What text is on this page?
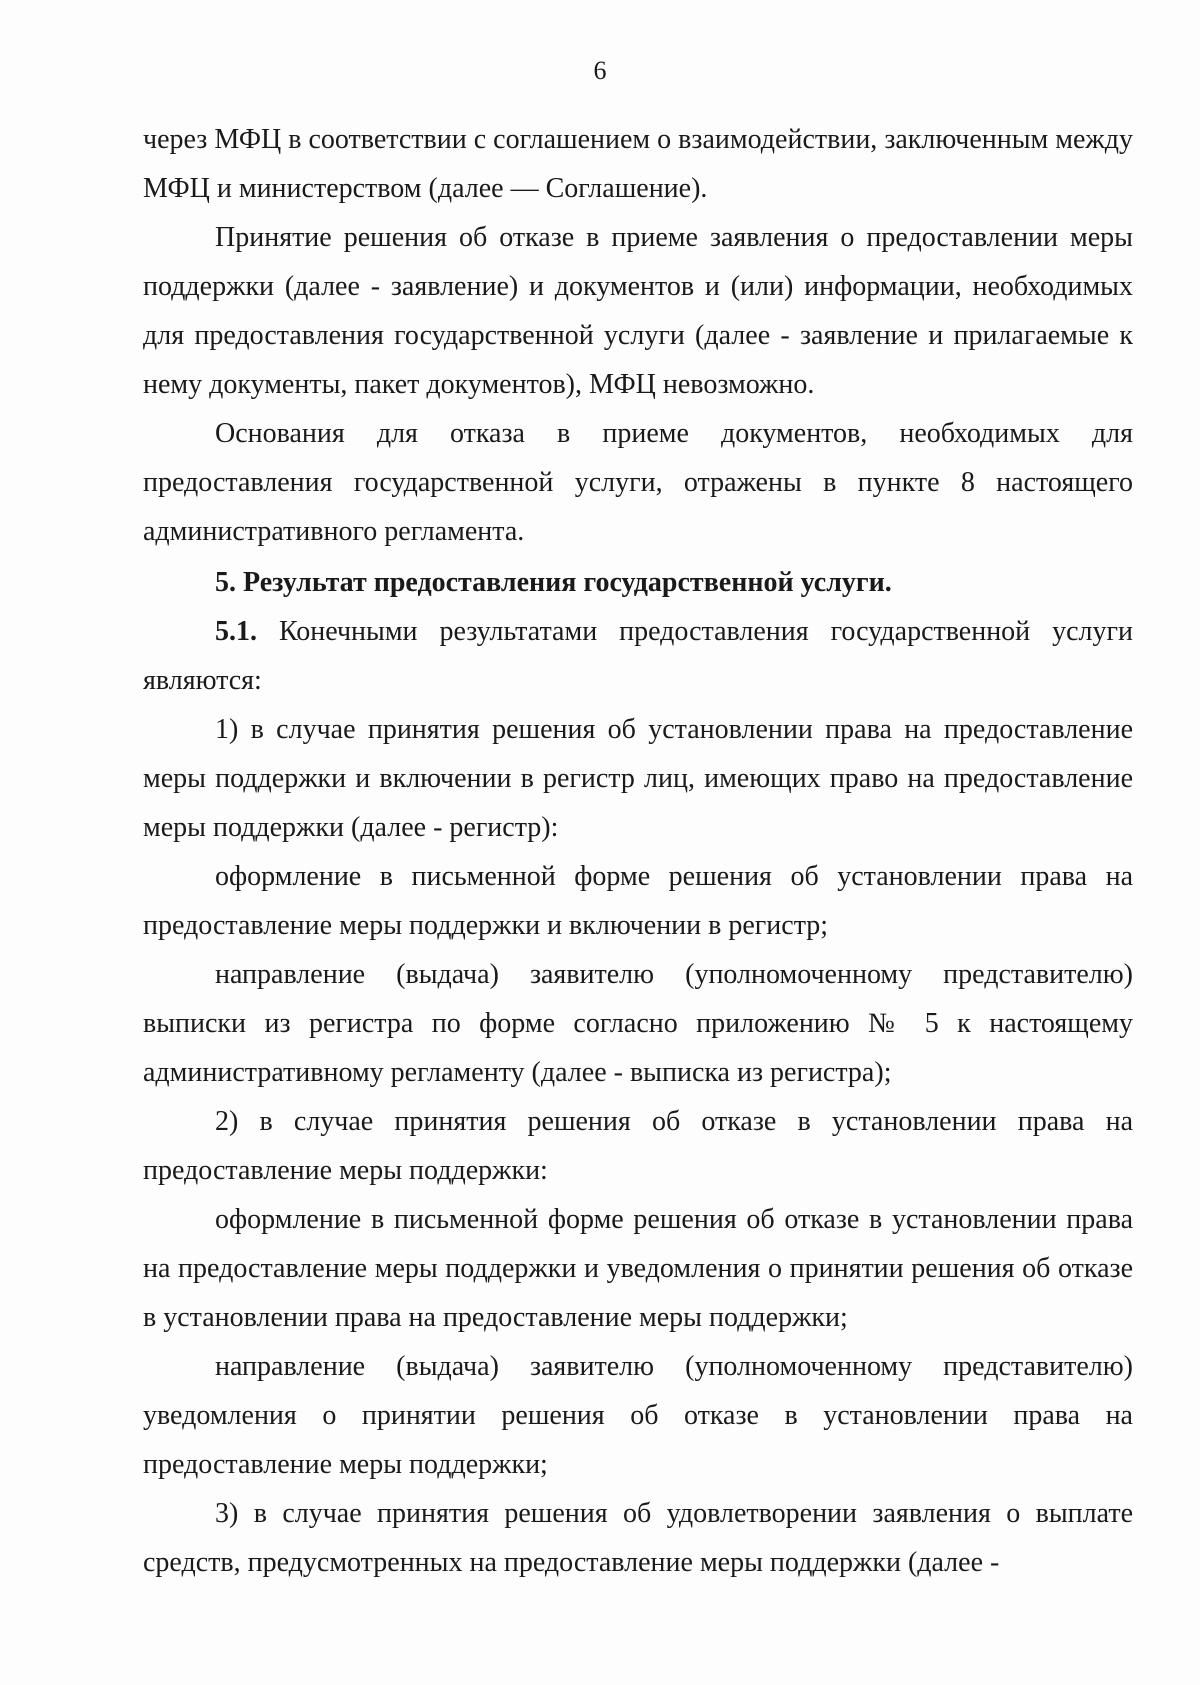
6

через МФЦ в соответствии с соглашением о взаимодействии, заключенным между МФЦ и министерством (далее — Соглашение).

Принятие решения об отказе в приеме заявления о предоставлении меры поддержки (далее - заявление) и документов и (или) информации, необходимых для предоставления государственной услуги (далее - заявление и прилагаемые к нему документы, пакет документов), МФЦ невозможно.

Основания для отказа в приеме документов, необходимых для предоставления государственной услуги, отражены в пункте 8 настоящего административного регламента.

5. Результат предоставления государственной услуги.

5.1. Конечными результатами предоставления государственной услуги являются:

1) в случае принятия решения об установлении права на предоставление меры поддержки и включении в регистр лиц, имеющих право на предоставление меры поддержки (далее - регистр):

оформление в письменной форме решения об установлении права на предоставление меры поддержки и включении в регистр;

направление (выдача) заявителю (уполномоченному представителю) выписки из регистра по форме согласно приложению № 5 к настоящему административному регламенту (далее - выписка из регистра);

2) в случае принятия решения об отказе в установлении права на предоставление меры поддержки:

оформление в письменной форме решения об отказе в установлении права на предоставление меры поддержки и уведомления о принятии решения об отказе в установлении права на предоставление меры поддержки;

направление (выдача) заявителю (уполномоченному представителю) уведомления о принятии решения об отказе в установлении права на предоставление меры поддержки;

3) в случае принятия решения об удовлетворении заявления о выплате средств, предусмотренных на предоставление меры поддержки (далее -
